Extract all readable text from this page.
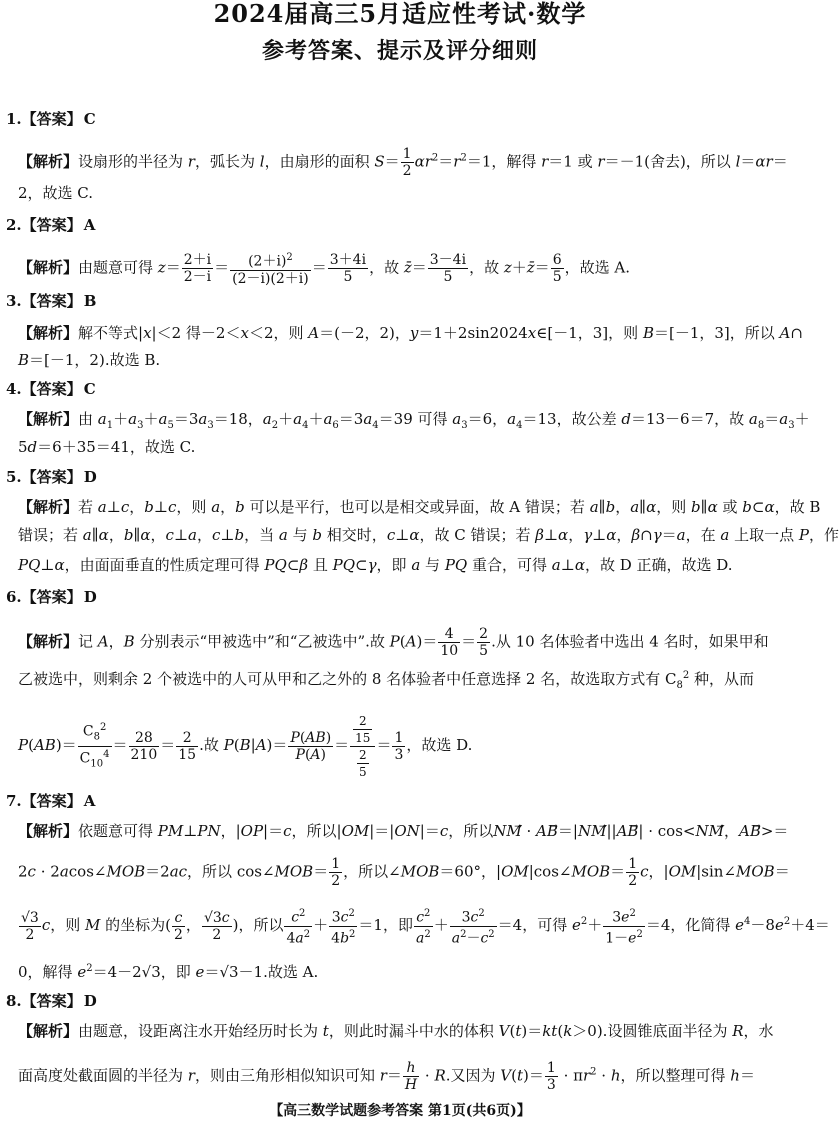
2024届高三5月适应性考试·数学
参考答案、提示及评分细则
1.【答案】 C
【解析】设扇形的半径为 r，弧长为 l，由扇形的面积 $S= \frac{1}{2} \alpha r^2=r^2=1$，解得 r＝1 或 r＝－1(舍去)，所以 l＝αr＝
2，故选 C.
2.【答案】 A
【解析】由题意可得 $z= \frac{2+i}{2-i} = \frac{(2+i)^2}{(2-i)(2+i)} = \frac{3+4i}{5}$ ，故 z̄＝ $\frac{3-4i}{5}$ ，故 z＋z̄＝ $\frac{6}{5}$ ，故选 A.
3.【答案】 B
【解析】解不等式|x|＜2 得－2＜x＜2，则 A＝(－2，2)，y＝1＋2sin2024x∈[－1，3]，则 B＝[－1，3]，所以 A∩
B＝[－1，2).故选 B.
4.【答案】 C
【解析】由 $a_1+a_3+a_5=3a_3=18$，$a_2+a_4+a_6=3a_4=39$ 可得 $a_3=6$，$a_4=13$，故公差 d＝13－6＝7，故 $a_8=a_3+$
5d＝6＋35＝41，故选 C.
5.【答案】 D
【解析】若 a⊥c，b⊥c，则 a，b 可以是平行，也可以是相交或异面，故 A 错误；若 a∥b，a∥α，则 b∥α 或 b⊂α，故 B
错误；若 a∥α，b∥α，c⊥a，c⊥b，当 a 与 b 相交时，c⊥α，故 C 错误；若 β⊥α，γ⊥α，β∩γ＝a，在 a 上取一点 P，作
PQ⊥α，由面面垂直的性质定理可得 PQ⊂β 且 PQ⊂γ，即 a 与 PQ 重合，可得 a⊥α，故 D 正确，故选 D.
6.【答案】 D
【解析】记 A，B 分别表示“甲被选中”和“乙被选中”.故 $P(A)= \frac{4}{10} = \frac{2}{5}$ .从 10 名体验者中选出 4 名时，如果甲和
乙被选中，则剩余 2 个被选中的人可从甲和乙之外的 8 名体验者中任意选择 2 名，故选取方式有 $C_8^2$ 种，从而
$P(AB)= \frac{C_8^2}{C_{10}^4} = \frac{28}{210} = \frac{2}{15}$ .故 $P(B|A)= \frac{P(AB)}{P(A)} = \frac{\frac{2}{15}}{\frac{2}{5}} = \frac{1}{3}$ ，故选 D.
7.【答案】 A
【解析】依题意可得 PM⊥PN，|OP|＝c，所以|OM|＝|ON|＝c，所以NM⃗ · AB⃗＝|NM⃗||AB⃗| · cos<NM⃗，AB⃗>＝
2c · 2acos∠MOB＝2ac，所以 cos∠MOB＝ $\frac{1}{2}$ ，所以∠MOB＝60°，|OM|cos∠MOB＝ $\frac{1}{2}$ c，|OM|sin∠MOB＝
$\frac{√3}{2}$ c，则 M 的坐标为( $\frac{c}{2}$ ， $\frac{√3c}{2}$ )，所以 $\frac{c^2}{4a^2} + \frac{3c^2}{4b^2} =1$，即 $\frac{c^2}{a^2} + \frac{3c^2}{a^2-c^2} =4$，可得 $e^2+ \frac{3e^2}{1-e^2} =4$，化简得 $e^4-8e^2+4=$
0，解得 $e^2=4-2√3$，即 e＝√3－1.故选 A.
8.【答案】 D
【解析】由题意，设距离注水开始经历时长为 t，则此时漏斗中水的体积 V(t)＝kt(k＞0).设圆锥底面半径为 R，水
面高度处截面圆的半径为 r，则由三角形相似知识可知 $r= \frac{h}{H} \cdot R$.又因为 $V(t)= \frac{1}{3} \cdot \pi r^2 \cdot h$，所以整理可得 h＝
【高三数学试题参考答案 第1页(共6页)】
